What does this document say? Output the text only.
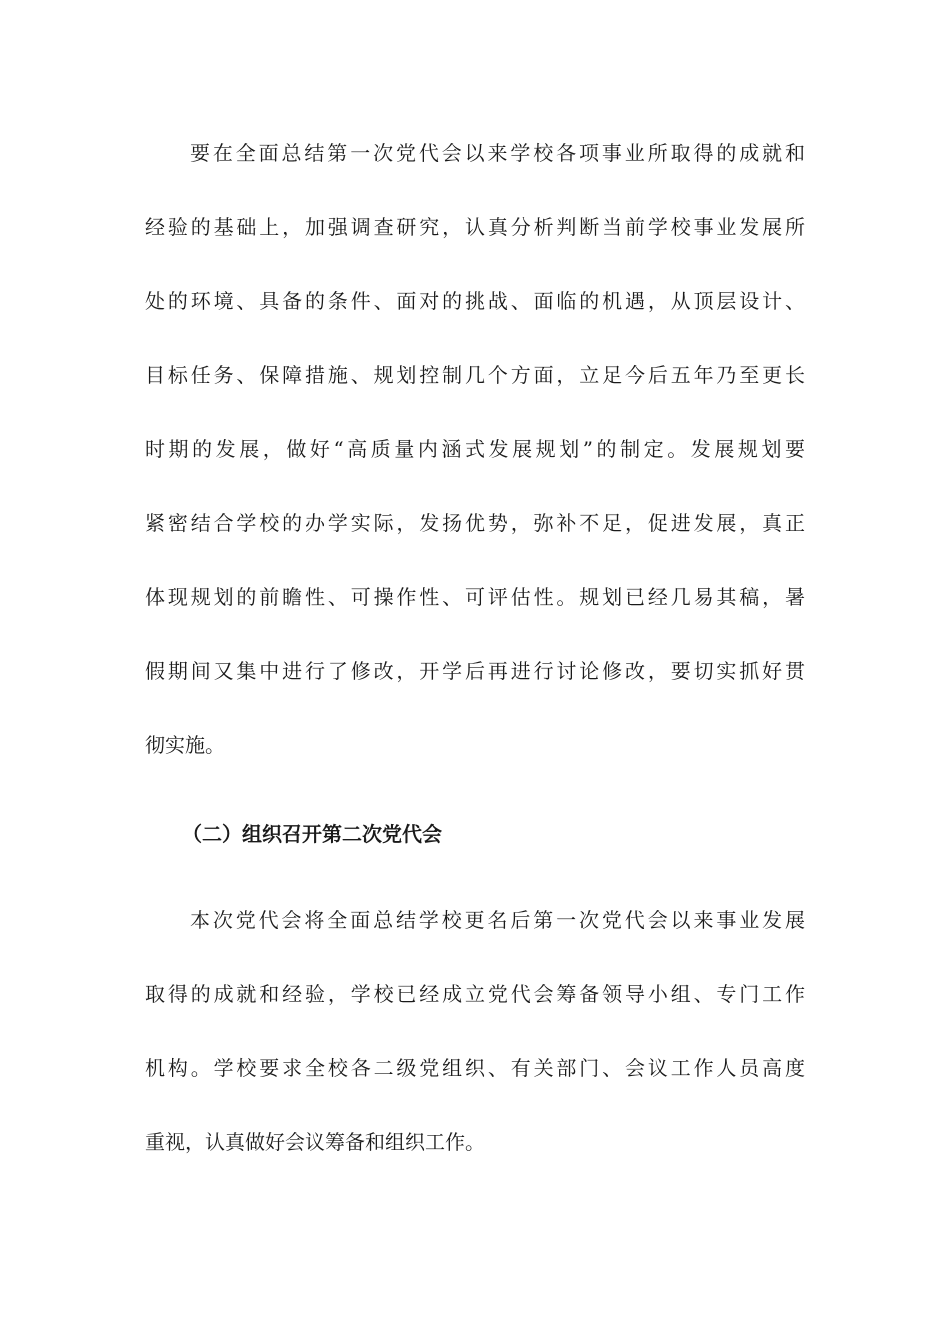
要在全面总结第一次党代会以来学校各项事业所取得的成就和
经验的基础上，加强调查研究，认真分析判断当前学校事业发展所
处的环境、具备的条件、面对的挑战、面临的机遇，从顶层设计、
目标任务、保障措施、规划控制几个方面，立足今后五年乃至更长
时期的发展，做好“高质量内涵式发展规划”的制定。发展规划要
紧密结合学校的办学实际，发扬优势，弥补不足，促进发展，真正
体现规划的前瞻性、可操作性、可评估性。规划已经几易其稿，暑
假期间又集中进行了修改，开学后再进行讨论修改，要切实抓好贯
彻实施。
（二）组织召开第二次党代会
本次党代会将全面总结学校更名后第一次党代会以来事业发展
取得的成就和经验，学校已经成立党代会筹备领导小组、专门工作
机构。学校要求全校各二级党组织、有关部门、会议工作人员高度
重视，认真做好会议筹备和组织工作。
